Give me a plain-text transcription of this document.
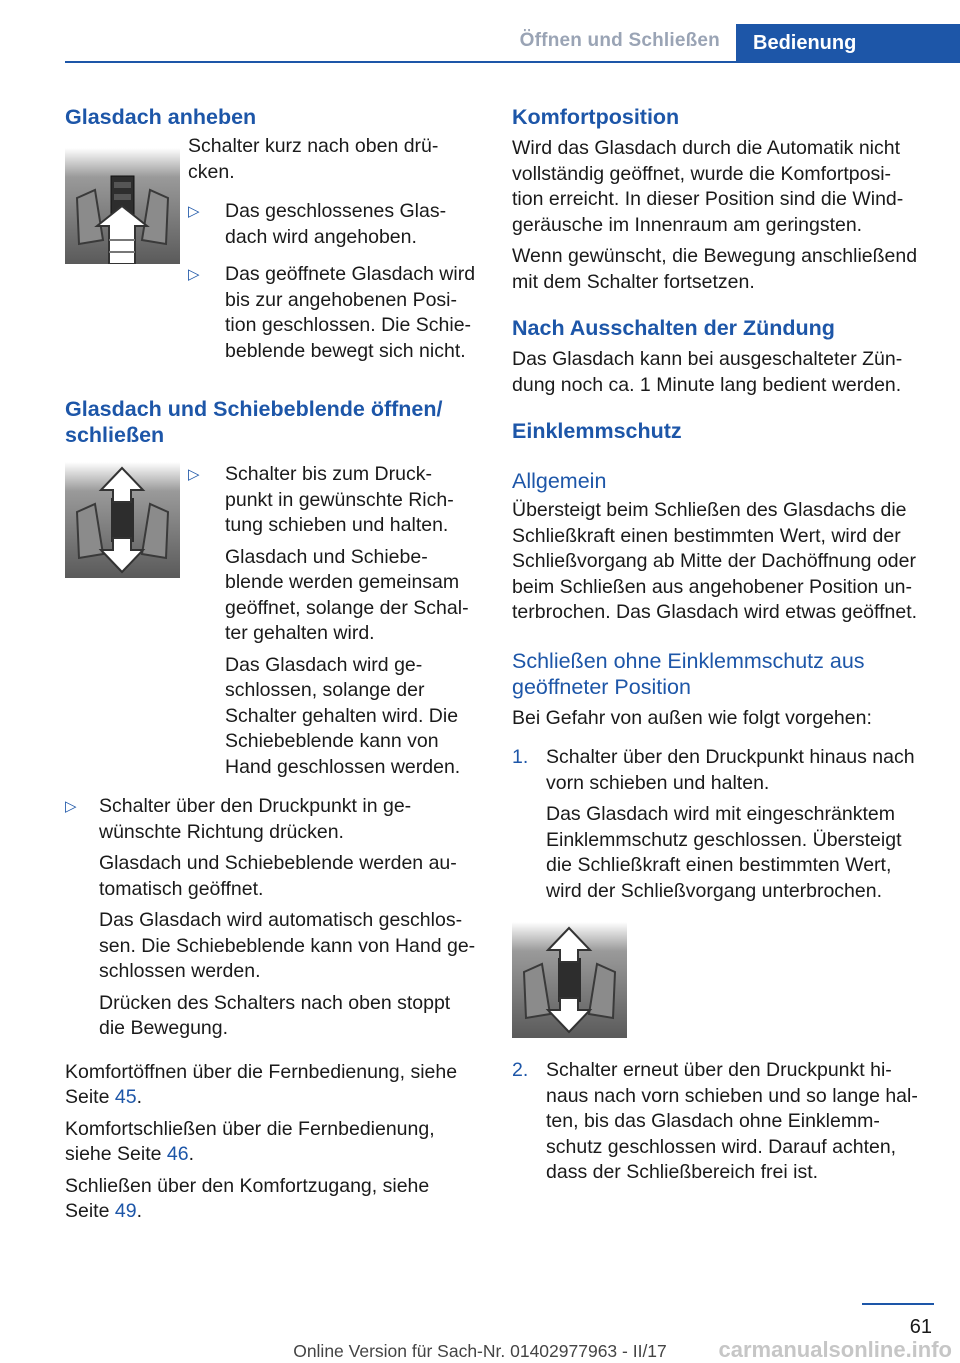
Öffnen und Schließen	Bedienung

Glasdach anheben

Schalter kurz nach oben drü-

cken.

▷ Das geschlossenes Glas-
dach wird angehoben.
▷ Das geöffnete Glasdach wird
bis zur angehobenen Posi-
tion geschlossen. Die Schie-
beblende bewegt sich nicht.

Glasdach und Schiebeblende öffnen/
schließen

▷ Schalter bis zum Druck-
punkt in gewünschte Rich-
tung schieben und halten.
Glasdach und Schiebe-
blende werden gemeinsam
geöffnet, solange der Schal-
ter gehalten wird.
Das Glasdach wird ge-
schlossen, solange der
Schalter gehalten wird. Die
Schiebeblende kann von
Hand geschlossen werden.
▷ Schalter über den Druckpunkt in ge-
wünschte Richtung drücken.
Glasdach und Schiebeblende werden au-
tomatisch geöffnet.
Das Glasdach wird automatisch geschlos-
sen. Die Schiebeblende kann von Hand ge-
schlossen werden.
Drücken des Schalters nach oben stoppt
die Bewegung.

Komfortöffnen über die Fernbedienung, siehe

Seite 45.

Komfortschließen über die Fernbedienung,

siehe Seite 46.

Schließen über den Komfortzugang, siehe

Seite 49.

Komfortposition

Wird das Glasdach durch die Automatik nicht

vollständig geöffnet, wurde die Komfortposi-

tion erreicht. In dieser Position sind die Wind-

geräusche im Innenraum am geringsten.

Wenn gewünscht, die Bewegung anschließend

mit dem Schalter fortsetzen.

Nach Ausschalten der Zündung

Das Glasdach kann bei ausgeschalteter Zün-

dung noch ca. 1 Minute lang bedient werden.

Einklemmschutz

Allgemein

Übersteigt beim Schließen des Glasdachs die

Schließkraft einen bestimmten Wert, wird der

Schließvorgang ab Mitte der Dachöffnung oder

beim Schließen aus angehobener Position un-

terbrochen. Das Glasdach wird etwas geöffnet.

Schließen ohne Einklemmschutz aus
geöffneter Position

Bei Gefahr von außen wie folgt vorgehen:

1. Schalter über den Druckpunkt hinaus nach
vorn schieben und halten.
Das Glasdach wird mit eingeschränktem
Einklemmschutz geschlossen. Übersteigt
die Schließkraft einen bestimmten Wert,
wird der Schließvorgang unterbrochen.
2. Schalter erneut über den Druckpunkt hi-
naus nach vorn schieben und so lange hal-
ten, bis das Glasdach ohne Einklemm-
schutz geschlossen wird. Darauf achten,
dass der Schließbereich frei ist.
61
Online Version für Sach-Nr. 01402977963 - II/17	carmanualsonline.info
